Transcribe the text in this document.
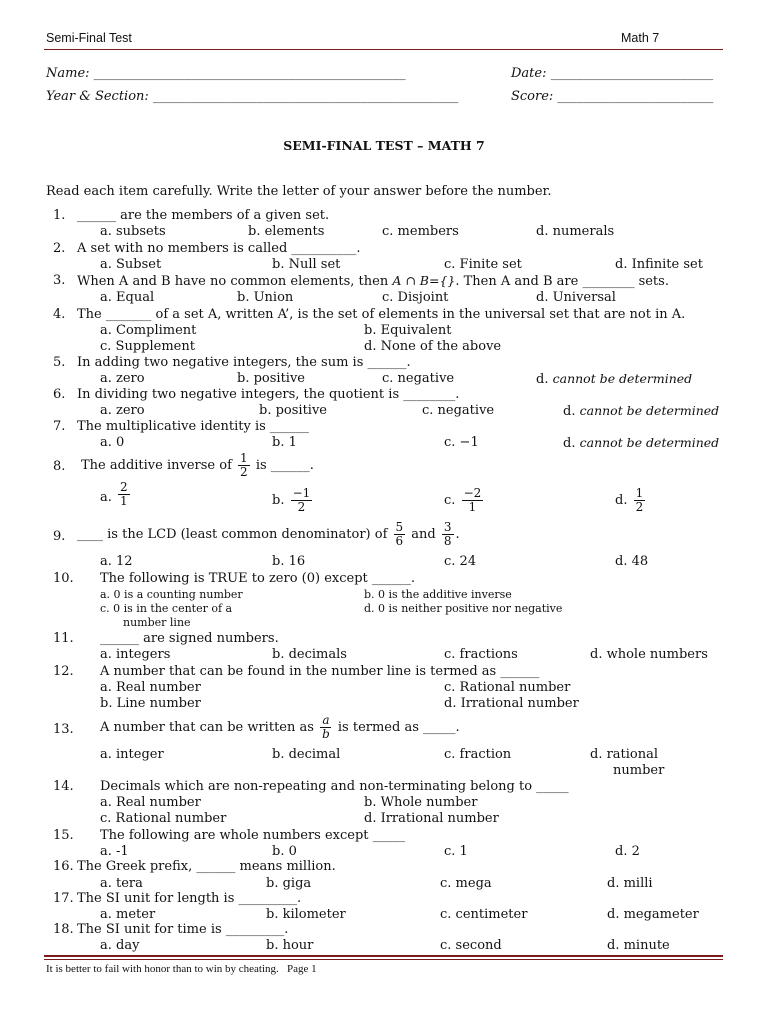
Semi-Final Test	Math 7
Name: ________________________________________________	Date: _________________________
Year & Section: _______________________________________________	Score: ________________________
SEMI-FINAL TEST – MATH 7
Read each item carefully. Write the letter of your answer before the number.
1. ______ are the members of a given set.
a. subsets	b. elements	c. members	d. numerals
2. A set with no members is called __________.
a. Subset	b. Null set	c. Finite set	d. Infinite set
3. When A and B have no common elements, then A ∩ B={}. Then A and B are ________ sets.
a. Equal	b. Union	c. Disjoint	d. Universal
4. The _______ of a set A, written A’, is the set of elements in the universal set that are not in A.
a. Compliment	b. Equivalent
c. Supplement	d. None of the above
5. In adding two negative integers, the sum is ______.
a. zero	b. positive	c. negative	d. cannot be determined
6. In dividing two negative integers, the quotient is ________.
a. zero	b. positive	c. negative	d. cannot be determined
7. The multiplicative identity is ______
a. 0	b. 1	c. −1	d. cannot be determined
8. The additive inverse of $\frac{1}{2}$ is ______.
a. $\frac{2}{1}$	b. $\frac{-1}{2}$	c. $\frac{-2}{1}$	d. $\frac{1}{2}$
9. ____ is the LCD (least common denominator) of $\frac{5}{6}$ and $\frac{3}{8}$ .
a. 12	b. 16	c. 24	d. 48
10. The following is TRUE to zero (0) except ______.
a. 0 is a counting number	b. 0 is the additive inverse
c. 0 is in the center of a
number line
d. 0 is neither positive nor negative
11. ______ are signed numbers.
a. integers	b. decimals	c. fractions	d. whole numbers
12. A number that can be found in the number line is termed as ______
a. Real number
b. Line number
c. Rational number
d. Irrational number
13. A number that can be written as $\frac{a}{b}$ is termed as _____.
a. integer	b. decimal	c. fraction	d. rational
number
14. Decimals which are non-repeating and non-terminating belong to _____
a. Real number	b. Whole number
c. Rational number	d. Irrational number
15. The following are whole numbers except _____
a. -1	b. 0	c. 1	d. 2
16. The Greek prefix, ______ means million.
a. tera	b. giga	c. mega	d. milli
17. The SI unit for length is _________.
a. meter	b. kilometer	c. centimeter	d. megameter
18. The SI unit for time is _________.
a. day	b. hour	c. second	d. minute
It is better to fail with honor than to win by cheating. Page 1
